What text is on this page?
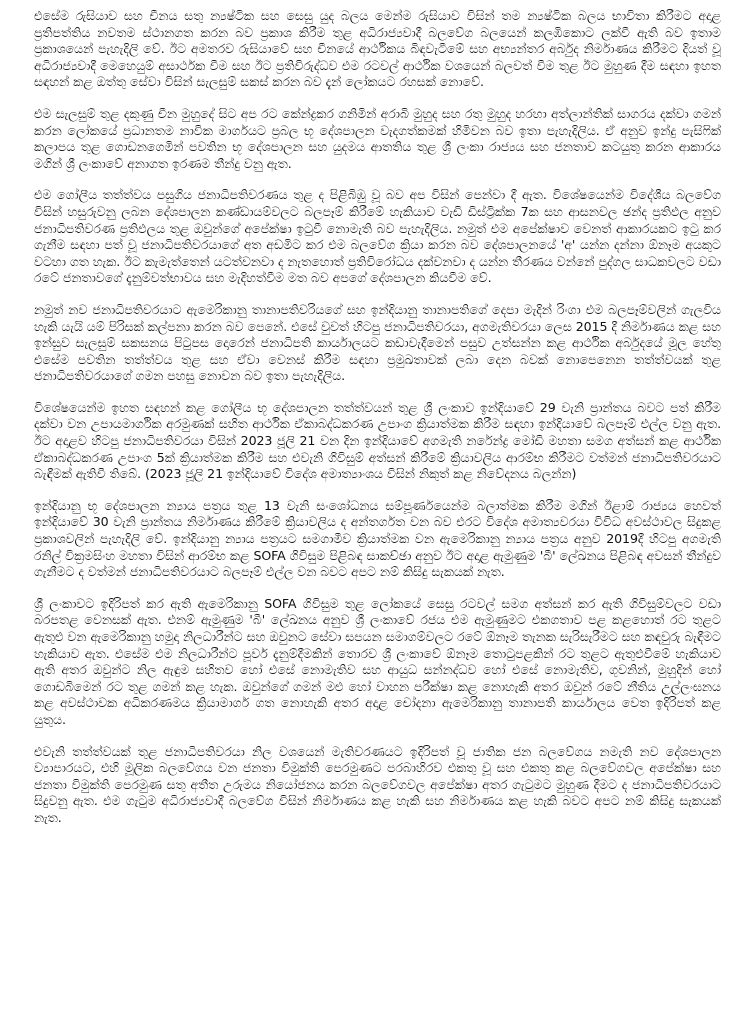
එසේම රුසියාව සහ චීනය සතු න්‍යෂ්ටික සහ සෙසු යුද බලය මෙන්ම රුසියාව විසින් තම න්‍යෂ්ටික බලය භාවිතා කිරීමට අදාළ ප්‍රතිපත්තිය නවතම ස්ථානගත කරන බව ප්‍රකාශ කිරීම තුළ අධිරාජ්‍යවාදී බලවේග බලයෙන් කලඹිකොට ලක්වී ඇති බව ඉතාම ප්‍රකාශයෙන් පැහැදිලි වේ. ඊට අමතරව රුසියාවේ සහ චීනයේ ආර්ථිකය බිඳවැටීමේ සහ අභ්‍යන්තර අර්බුද නිර්මාණය කිරීමට දියත් වූ අධිරාජ්‍යවාදී මෙහෙයුම් අසාර්ථක වීම සහ ඊට ප්‍රතිවිරුද්ධව එම රටවල් ආර්ථික වශයෙන් බලවත් වීම තුළ ඊට මුහුණ දීම සඳහා ඉහත සඳහන් කළ ඔත්තු සේවා විසින් සැලසුම් සකස් කරන බව දැන් ලෝකයට රහසක් නොවේ.

එම සැලසුම් තුළ දකුණු චීන මුහුදේ සිට අප රට කේන්ද්‍රකර ගනිමින් අරාබි මුහුද සහ රතු මුහුද හරහා අත්ලාන්තික් සාගරය දක්වා ගමන් කරන ලෝකයේ ප්‍රධානතම නාවික මාර්ගයට ප්‍රබල භූ දේශපාලන වැදගත්කමක් හිමිවන බව ඉතා පැහැදිලිය. ඒ අනුව ඉන්දු පැසිෆික් කලාපය තුළ ගොඩනගෙමින් පවතින භූ දේශපාලන සහ යුදමය ආතතිය තුළ ශ්‍රී ලංකා රාජ්‍යය සහ ජනතාව කටයුතු කරන ආකාරය මගින් ශ්‍රී ලංකාවේ අනාගත ඉරණම තීන්දු වනු ඇත.

එම ගෝලීය තත්ත්වය පසුගිය ජනාධිපතිවරණය තුළ ද පිළිබිඹු වූ බව අප විසින් පෙන්වා දී ඇත. විශේෂයෙන්ම විදේශීය බලවේග විසින් හසුරුවනු ලබන දේශපාලන කණ්ඩායම්වලට බලපෑම් කිරීමේ හැකියාව වැඩි ඩිස්ට්‍රික්ක 7ක සහ ආසනවල ඡන්ද ප්‍රතිඵල අනුව ජනාධිපතිවරණ ප්‍රතිඵලය තුළ ඔවුන්ගේ අපේක්ෂා ඉටුවී නොමැති බව පැහැදිලිය. නමුත් එම අපේක්ෂාව වෙනත් ආකාරයකට ඉටු කර ගැනීම සඳහා පත් වූ ජනාධිපතිවරයාගේ අත අඩමිට කර එම බලවේග ක්‍රියා කරන බව දේශපාලනයේ 'අ' යන්න දන්නා ඕනෑම අයකුට වටහා ගත හැක. ඊට කැමැත්තෙන් යටත්වනවා ද නැතහොත් ප්‍රතිවිරෝධය දක්වනවා ද යන්න තීරණය වන්නේ පුද්ගල සාධකවලට වඩා රටේ ජනතාවගේ දැනුම්වත්භාවය සහ මැදිහත්වීම මත බව අපගේ දේශපාලන කියවීම වේ.

නමුත් නව ජනාධිපතිවරයාට ඇමෙරිකානු තානාපතිවරියගේ සහ ඉන්දියානු තානාපතිගේ දෙපා මැදින් රිංගා එම බලපෑම්වලින් ගැලවිය හැකි යැයි යම් පිරිසක් කල්පනා කරන බව පෙනේ. එසේ වුවත් හිටපු ජනාධිපතිවරයා, අගමැතිවරයා ලෙස 2015 දී නිර්මාණය කළ සහ ඉන්සුව සැලසුම් සකසනය පිටුපස දොරෙන් ජනාධිපති කාර්යාලයට කඩාවැදීමෙන් පසුව උත්සන්න කළ ආර්ථික අර්බුදයේ මූල හේතු එසේම පවතින තත්ත්වය තුළ සහ ඒවා වෙනස් කිරීම සඳහා ප්‍රමුඛතාවක් ලබා දෙන බවක් නොපෙනෙන තත්ත්වයක් තුළ ජනාධිපතිවරයාගේ ගමන පහසු නොවන බව ඉතා පැහැදිලිය.

විශේෂයෙන්ම ඉහත සඳහන් කළ ගෝලීය භූ දේශපාලන තත්ත්වයන් තුළ ශ්‍රී ලංකාව ඉන්දියාවේ 29 වැනි ප්‍රාන්තය බවට පත් කිරීම දක්වා වන උපායමාර්ගික අරමුණක් සහිත ආර්ථික ඒකාබද්ධකරණ උපාංග ක්‍රියාත්මක කිරීම සඳහා ඉන්දියාවේ බලපෑම් එල්ල වනු ඇත. ඊට අදාළව හිටපු ජනාධිපතිවරයා විසින් 2023 ජූලි 21 වන දින ඉන්දියාවේ අගමැති නරේන්ද්‍ර මෝඩි මහතා සමග අත්සන් කළ ආර්ථික ඒකාබද්ධකරණ උපාංග 5ක් ක්‍රියාත්මක කිරීම සහ එවැනි ගිවිසුම් අත්සන් කිරීමේ ක්‍රියාවලිය ආරම්භ කිරීමට වත්මන් ජනාධිපතිවරයාට බැඳීමක් ඇතිවී තිබේ. (2023 ජූලි 21 ඉන්දියාවේ විදේශ අමාත්‍යාංශය විසින් නිකුත් කළ නිවේදනය බලන්න)

ඉන්දියානු භූ දේශපාලන න්‍යාය පත්‍රය තුළ 13 වැනි සංශෝධනය සම්පූර්ණයෙන්ම බලාත්මක කිරීම මගින් ඊළාම් රාජ්‍යය හෙවත් ඉන්දියාවේ 30 වැනි ප්‍රාන්තය නිර්මාණය කිරීමේ ක්‍රියාවලිය ද අන්තර්ගත වන බව එරට විදේශ අමාත්‍යවරයා විවිධ අවස්ථාවල සිදුකළ ප්‍රකාශවලින් පැහැදිලි වේ. ඉන්දියානු න්‍යාය පත්‍රයට සමගාමීව ක්‍රියාත්මක වන ඇමෙරිකානු න්‍යාය පත්‍රය අනුව 2019දී හිටපු අගමැති රනිල් වික්‍රමසිංහ මහතා විසින් ආරම්භ කළ SOFA ගිවිසුම පිළිබඳ සාකච්ඡා අනුව ඊට අදාළ ඇමුණුම 'බී' ලේඛනය පිළිබඳ අවසන් තීන්දුව ගැනීමට ද වත්මන් ජනාධිපතිවරයාට බලපෑම් එල්ල වන බවට අපට නම් කිසිදු සැකයක් නැත.

ශ්‍රී ලංකාවට ඉදිරිපත් කර ඇති ඇමෙරිකානු SOFA ගිවිසුම තුළ ලෝකයේ සෙසු රටවල් සමග අත්සන් කර ඇති ගිවිසුම්වලට වඩා බරපතළ වෙනසක් ඇත. එනම් ඇමුණුම 'බී' ලේඛනය අනුව ශ්‍රී ලංකාවේ රජය එම ඇමුණුමට එකගතාව පළ කළහොත් රට තුළට ඇතුළු වන ඇමෙරිකානු හමුදා නිලධාරීන්ට සහ ඔවුනට සේවා සපයන සමාගම්වලට රටේ ඕනෑම තැනක සැරිසැරීමට සහ කඳවුරු බැඳීමට හැකියාව ඇත. එසේම එම නිලධාරීන්ට පූර්ව දැනුම්දීමකින් තොරව ශ්‍රී ලංකාවේ ඕනෑම තොටුපළකින් රට තුළට ඇතුළුවීමේ හැකියාව ඇති අතර ඔවුන්ට නිල ඇඳුම සහිතව හෝ එසේ නොමැතිව සහ ආයුධ සන්නද්ධව හෝ එසේ නොමැතිව, ගුවනින්, මුහුදින් හෝ ගොඩබිමෙන් රට තුළ ගමන් කළ හැක. ඔවුන්ගේ ගමන් මළු හෝ වාහන පරීක්ෂා කළ නොහැකි අතර ඔවුන් රටේ නීතිය උල්ලංඝනය කළ අවස්ථාවක අධිකරණමය ක්‍රියාමාර්ග ගත නොහැකි අතර අදාළ චෝදනා ඇමෙරිකානු තානාපති කාර්යාලය වෙත ඉදිරිපත් කළ යුතුය.

එවැනි තත්ත්වයක් තුළ ජනාධිපතිවරයා නිල වශයෙන් මැතිවරණයට ඉදිරිපත් වූ ජාතික ජන බලවේගය නමැති නව දේශපාලන ව්‍යාපාරයට, එහි මූලික බලවේගය වන ජනතා විමුක්ති පෙරමුණට පරබාහිරව එකතු වූ සහ එකතු කළ බලවේගවල අපේක්ෂා සහ ජනතා විමුක්ති පෙරමුණ සතු අතීත උරුමය නියෝජනය කරන බලවේගවල අපේක්ෂා අතර ගැටුමට මුහුණ දීමට ද ජනාධිපතිවරයාට සිදුවනු ඇත. එම ගැටුම අධිරාජ්‍යවාදී බලවේග විසින් නිර්මාණය කළ හැකි සහ නිර්මාණය කළ හැකි බවට අපට නම් කිසිදු සැකයක් නැත.
